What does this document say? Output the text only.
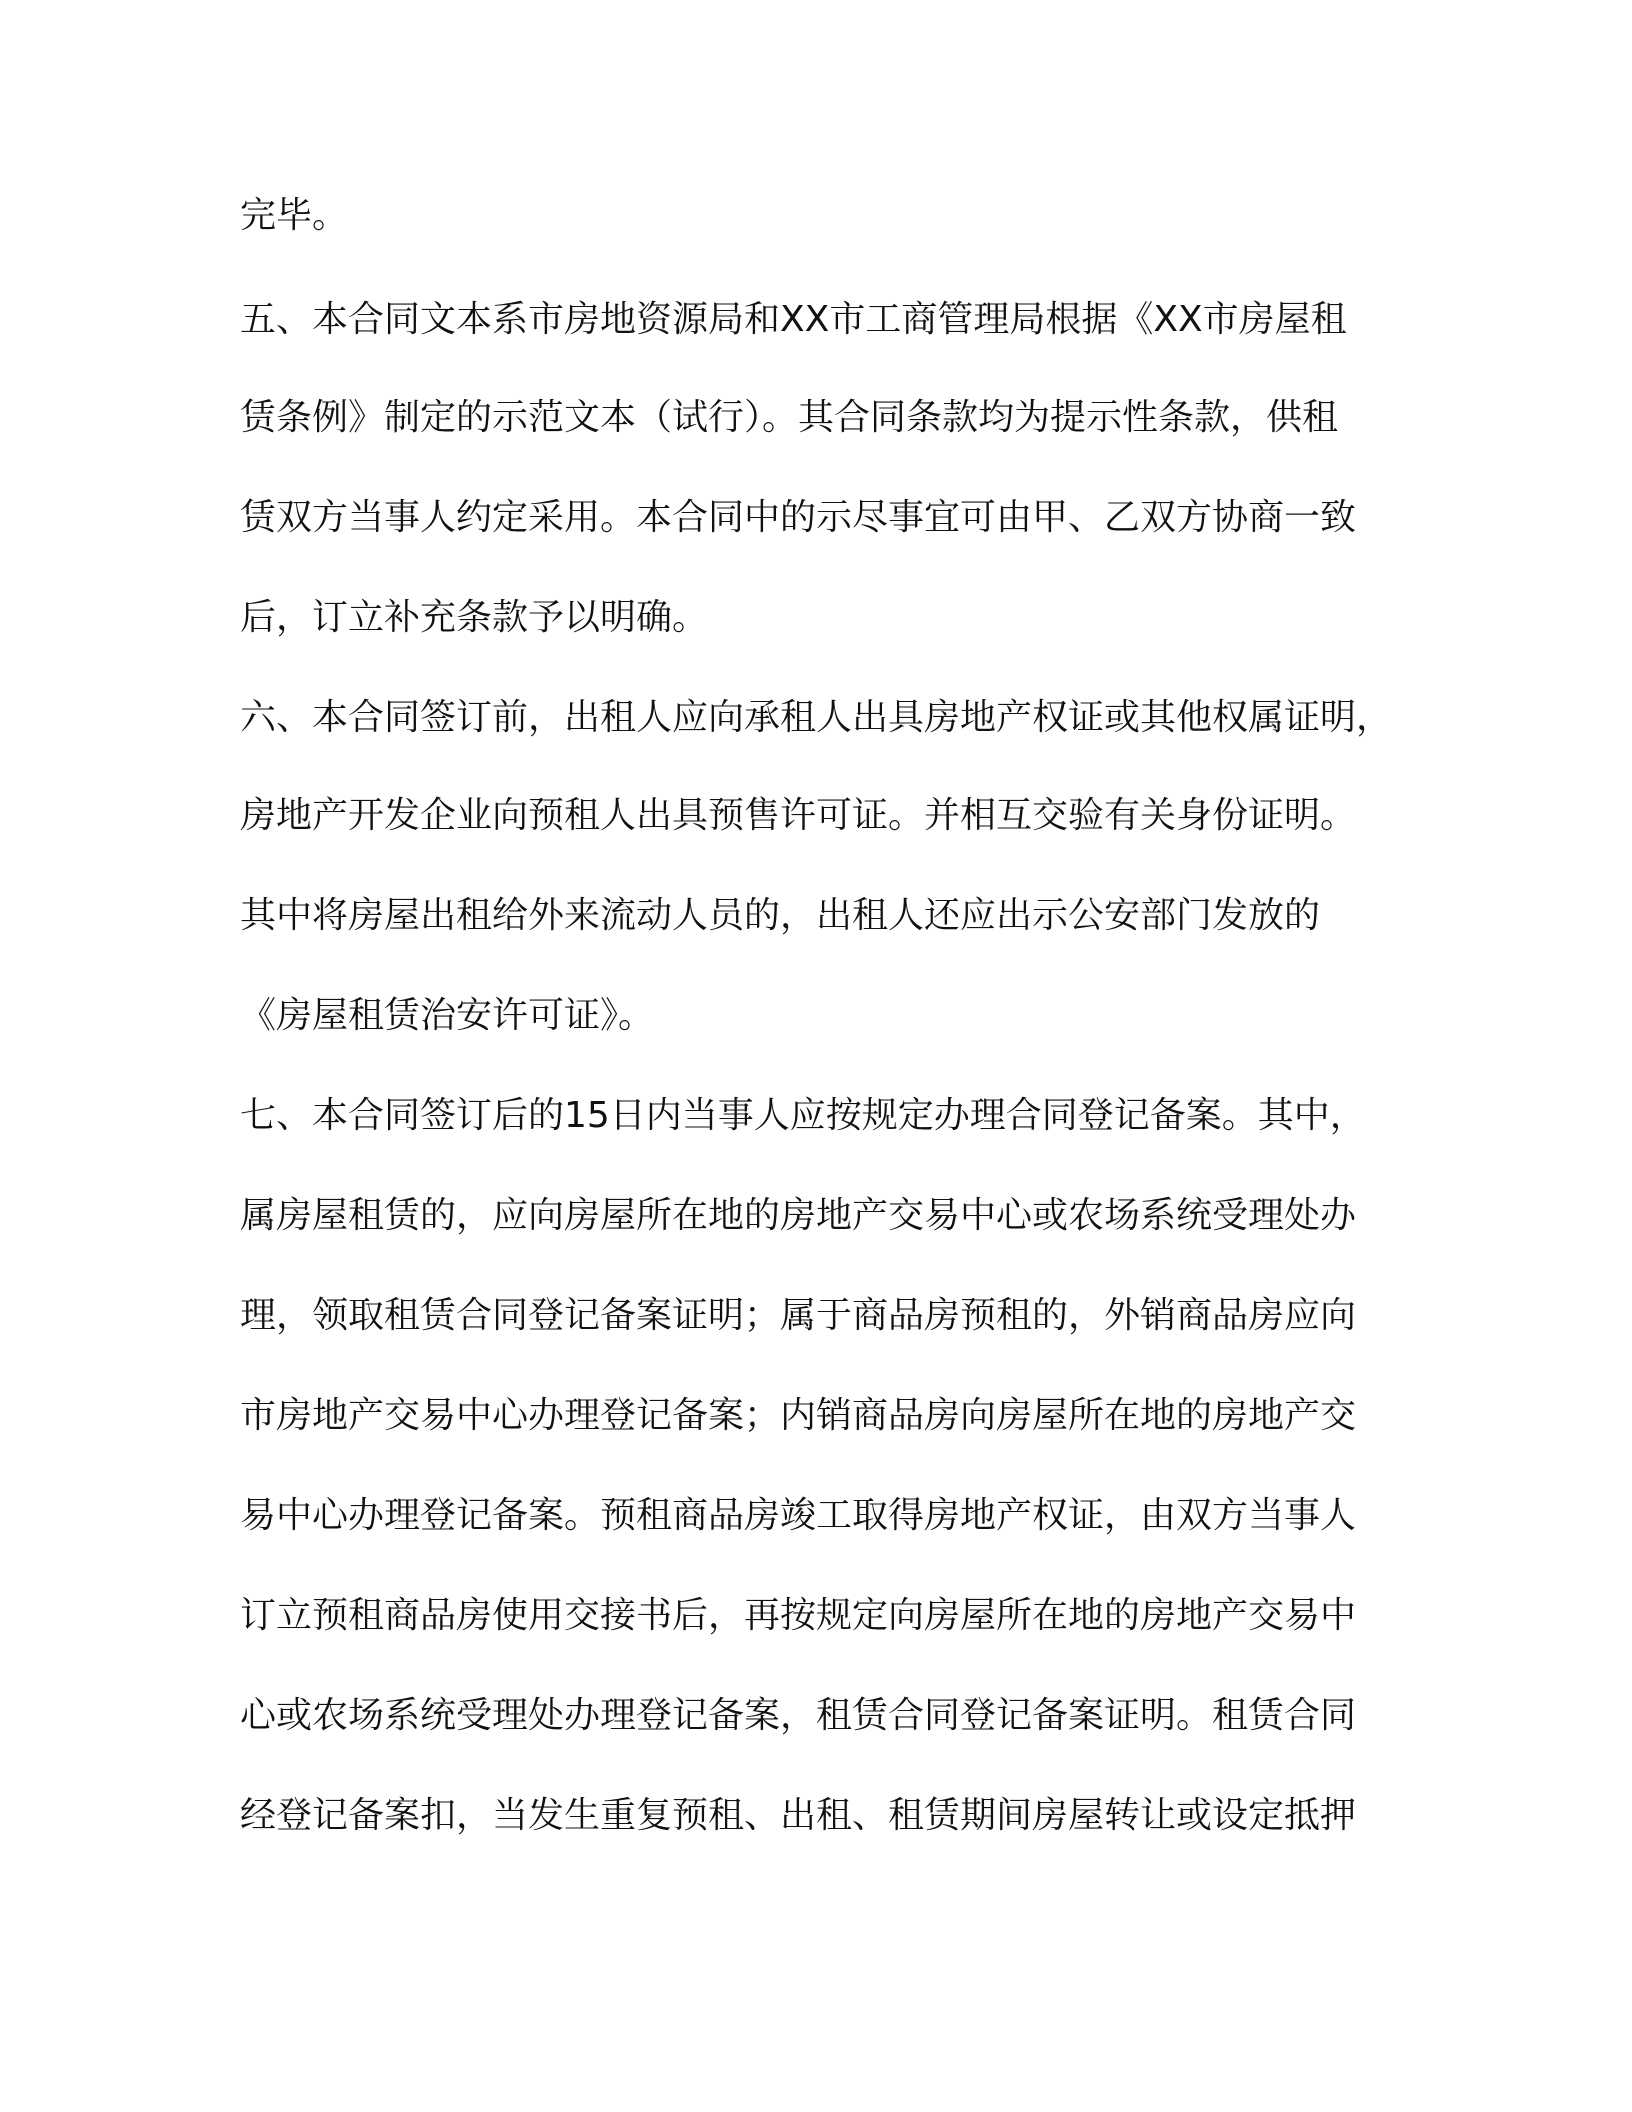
完毕。
五、本合同文本系市房地资源局和XX市工商管理局根据《XX市房屋租
赁条例》制定的示范文本（试行）。其合同条款均为提示性条款，供租
赁双方当事人约定采用。本合同中的示尽事宜可由甲、乙双方协商一致
后，订立补充条款予以明确。
六、本合同签订前，出租人应向承租人出具房地产权证或其他权属证明，
房地产开发企业向预租人出具预售许可证。并相互交验有关身份证明。
其中将房屋出租给外来流动人员的，出租人还应出示公安部门发放的
《房屋租赁治安许可证》。
七、本合同签订后的15日内当事人应按规定办理合同登记备案。其中，
属房屋租赁的，应向房屋所在地的房地产交易中心或农场系统受理处办
理，领取租赁合同登记备案证明；属于商品房预租的，外销商品房应向
市房地产交易中心办理登记备案；内销商品房向房屋所在地的房地产交
易中心办理登记备案。预租商品房竣工取得房地产权证，由双方当事人
订立预租商品房使用交接书后，再按规定向房屋所在地的房地产交易中
心或农场系统受理处办理登记备案，租赁合同登记备案证明。租赁合同
经登记备案扣，当发生重复预租、出租、租赁期间房屋转让或设定抵押
